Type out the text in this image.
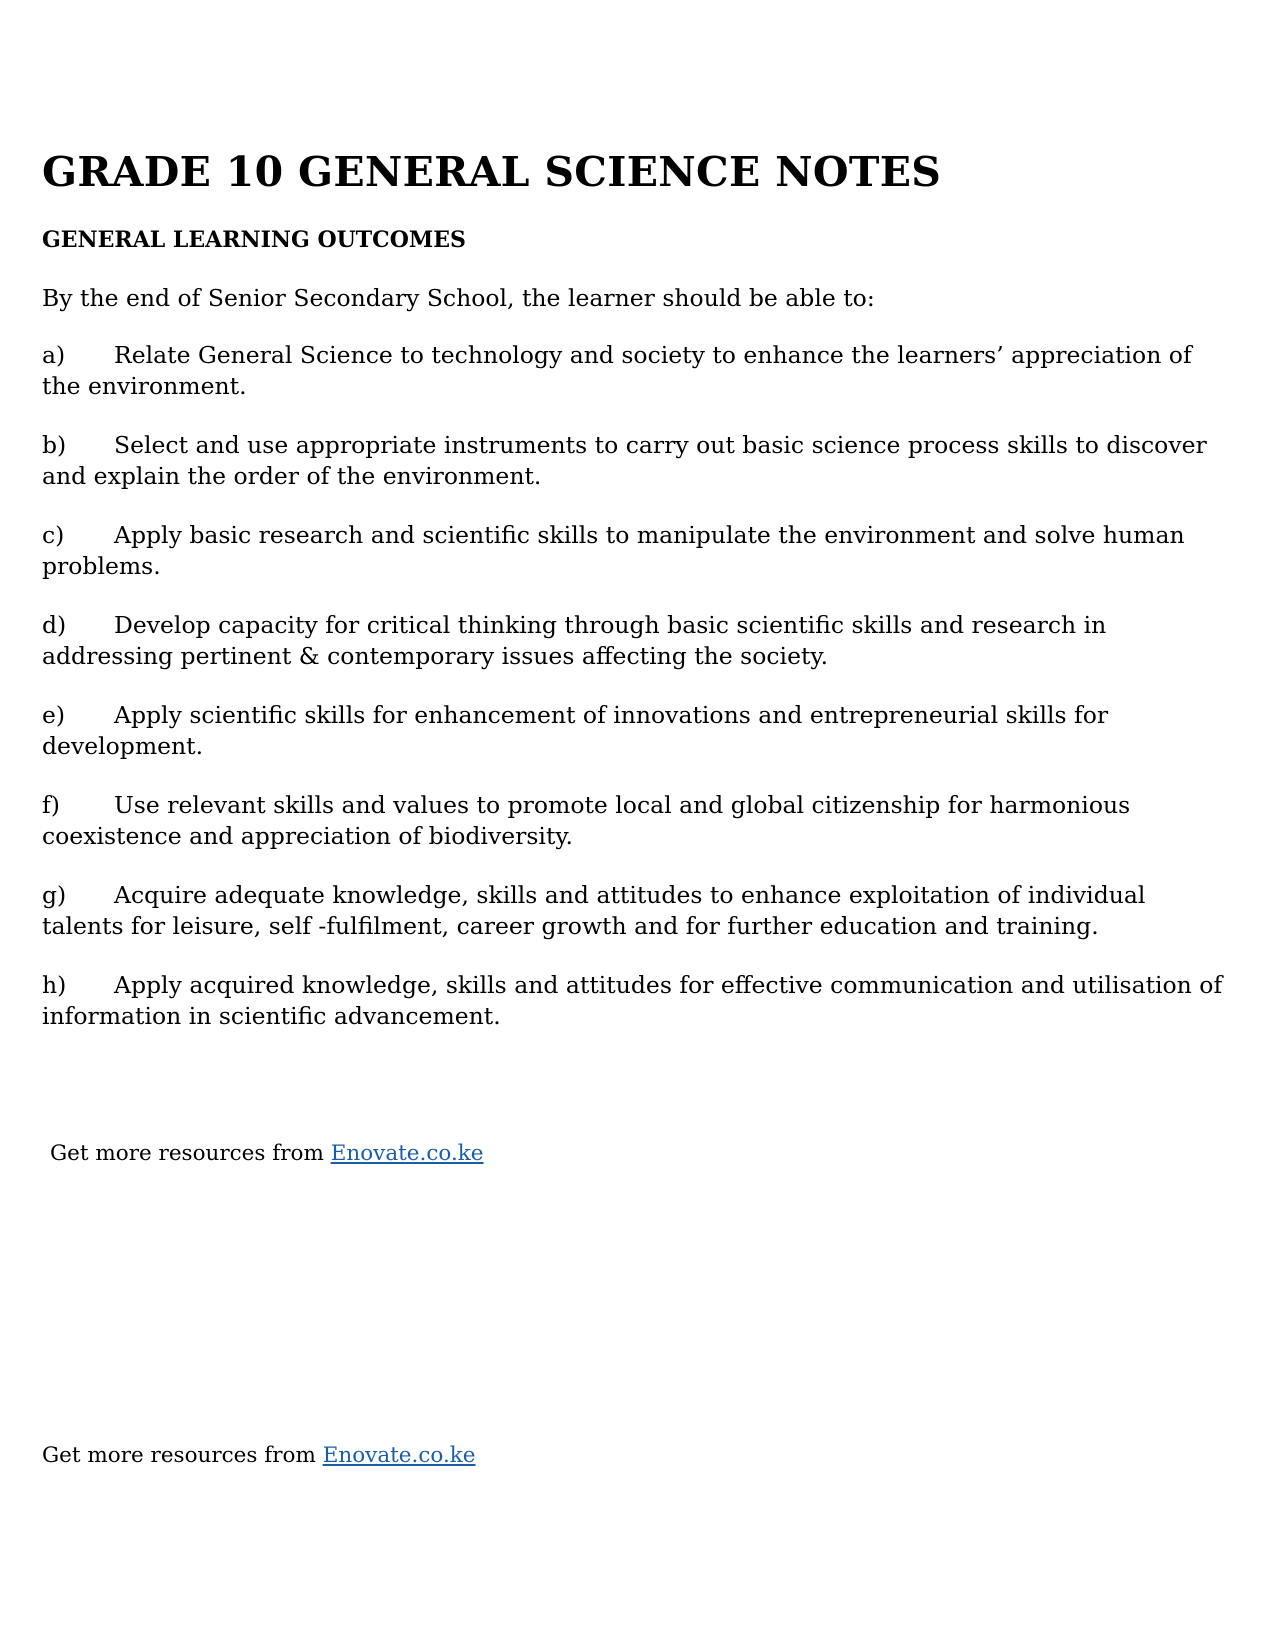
GRADE 10 GENERAL SCIENCE NOTES
GENERAL LEARNING OUTCOMES

By the end of Senior Secondary School, the learner should be able to:

a) Relate General Science to technology and society to enhance the learners’ appreciation of the environment.
b) Select and use appropriate instruments to carry out basic science process skills to discover and explain the order of the environment.
c) Apply basic research and scientific skills to manipulate the environment and solve human problems.
d) Develop capacity for critical thinking through basic scientific skills and research in addressing pertinent & contemporary issues affecting the society.
e) Apply scientific skills for enhancement of innovations and entrepreneurial skills for development.
f) Use relevant skills and values to promote local and global citizenship for harmonious coexistence and appreciation of biodiversity.
g) Acquire adequate knowledge, skills and attitudes to enhance exploitation of individual talents for leisure, self -fulfilment, career growth and for further education and training.
h) Apply acquired knowledge, skills and attitudes for effective communication and utilisation of information in scientific advancement.

Get more resources from Enovate.co.ke

Get more resources from Enovate.co.ke
